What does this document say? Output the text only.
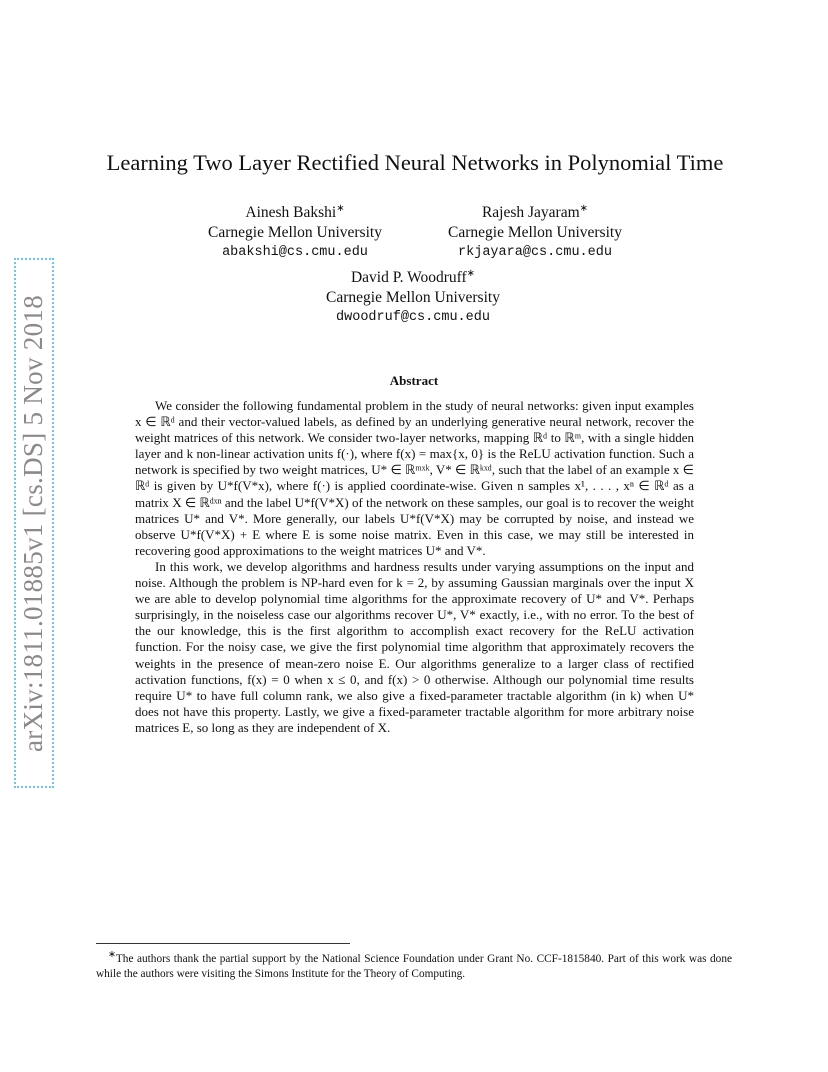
arXiv:1811.01885v1 [cs.DS] 5 Nov 2018
Learning Two Layer Rectified Neural Networks in Polynomial Time
Ainesh Bakshi∗
Carnegie Mellon University
abakshi@cs.cmu.edu
Rajesh Jayaram∗
Carnegie Mellon University
rkjayara@cs.cmu.edu
David P. Woodruff∗
Carnegie Mellon University
dwoodruf@cs.cmu.edu
Abstract

We consider the following fundamental problem in the study of neural networks: given input examples x ∈ ℝᵈ and their vector-valued labels, as defined by an underlying generative neural network, recover the weight matrices of this network. We consider two-layer networks, mapping ℝᵈ to ℝᵐ, with a single hidden layer and k non-linear activation units f(·), where f(x) = max{x, 0} is the ReLU activation function. Such a network is specified by two weight matrices, U* ∈ ℝᵐˣᵏ, V* ∈ ℝᵏˣᵈ, such that the label of an example x ∈ ℝᵈ is given by U*f(V*x), where f(·) is applied coordinate-wise. Given n samples x¹, . . . , xⁿ ∈ ℝᵈ as a matrix X ∈ ℝᵈˣⁿ and the label U*f(V*X) of the network on these samples, our goal is to recover the weight matrices U* and V*. More generally, our labels U*f(V*X) may be corrupted by noise, and instead we observe U*f(V*X) + E where E is some noise matrix. Even in this case, we may still be interested in recovering good approximations to the weight matrices U* and V*.

In this work, we develop algorithms and hardness results under varying assumptions on the input and noise. Although the problem is NP-hard even for k = 2, by assuming Gaussian marginals over the input X we are able to develop polynomial time algorithms for the approximate recovery of U* and V*. Perhaps surprisingly, in the noiseless case our algorithms recover U*, V* exactly, i.e., with no error. To the best of the our knowledge, this is the first algorithm to accomplish exact recovery for the ReLU activation function. For the noisy case, we give the first polynomial time algorithm that approximately recovers the weights in the presence of mean-zero noise E. Our algorithms generalize to a larger class of rectified activation functions, f(x) = 0 when x ≤ 0, and f(x) > 0 otherwise. Although our polynomial time results require U* to have full column rank, we also give a fixed-parameter tractable algorithm (in k) when U* does not have this property. Lastly, we give a fixed-parameter tractable algorithm for more arbitrary noise matrices E, so long as they are independent of X.

∗The authors thank the partial support by the National Science Foundation under Grant No. CCF-1815840. Part of this work was done while the authors were visiting the Simons Institute for the Theory of Computing.
